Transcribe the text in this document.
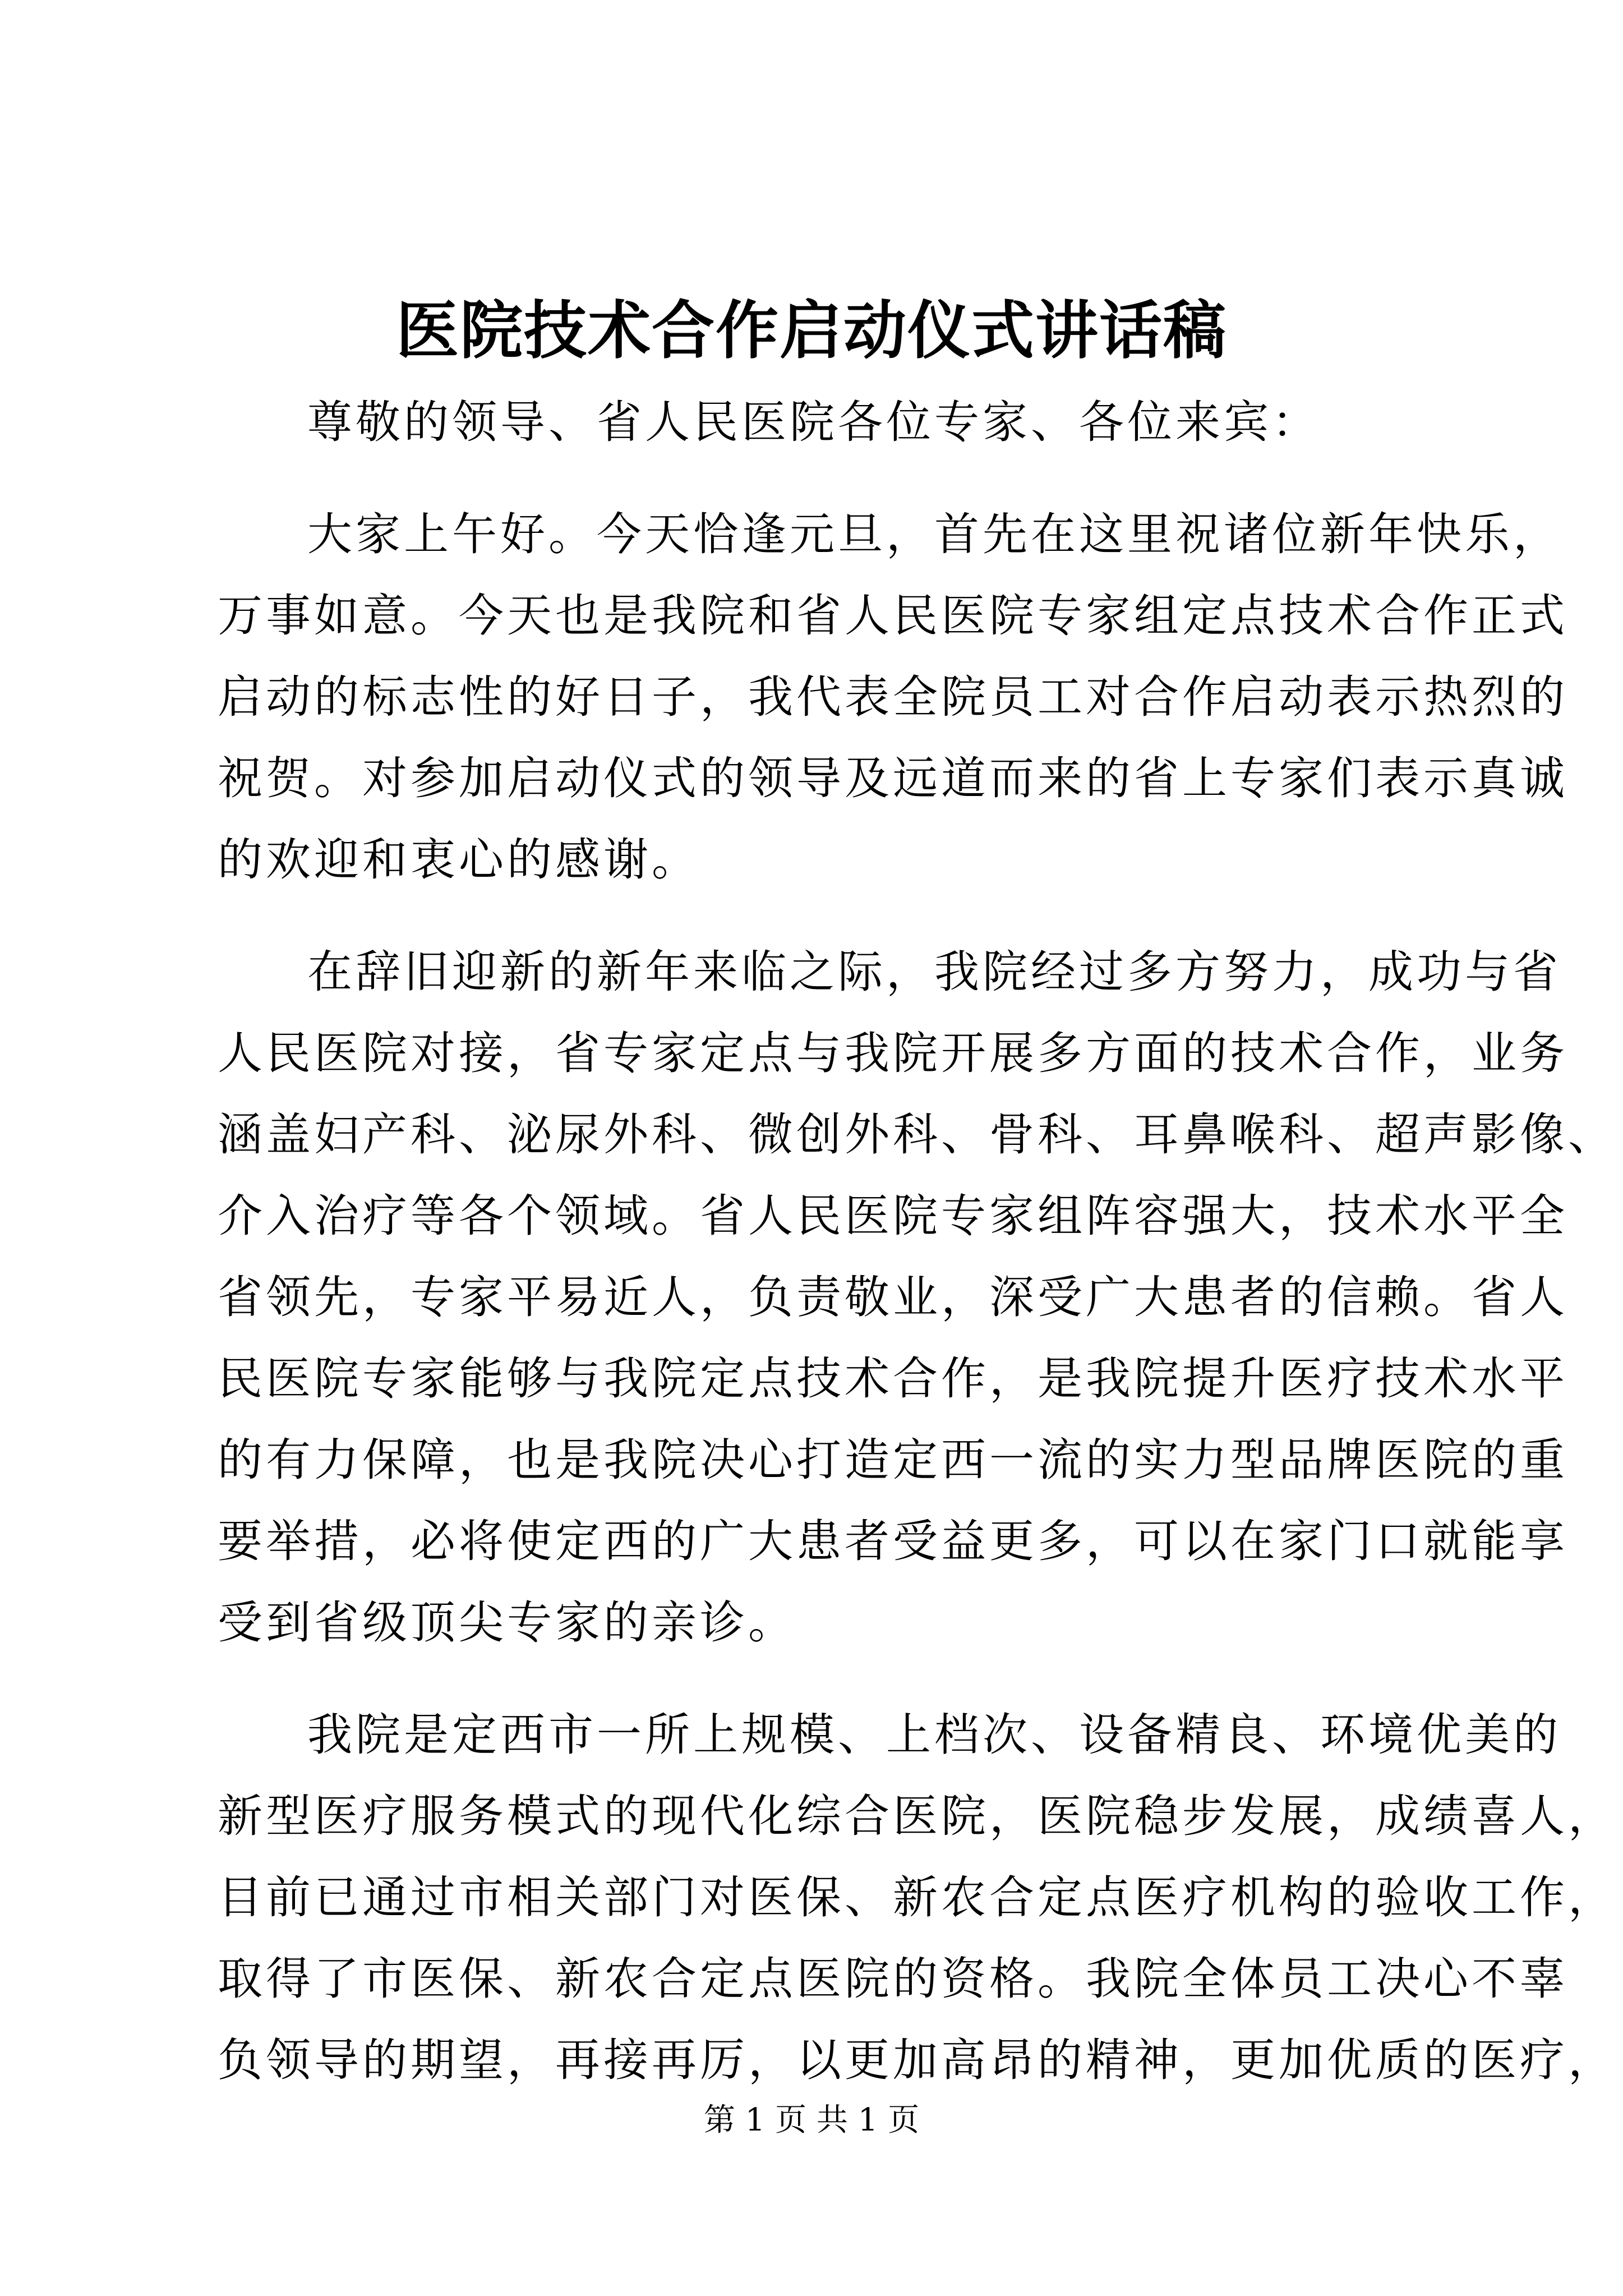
医院技术合作启动仪式讲话稿
尊敬的领导、省人民医院各位专家、各位来宾：
大家上午好。今天恰逢元旦，首先在这里祝诸位新年快乐，
万事如意。今天也是我院和省人民医院专家组定点技术合作正式
启动的标志性的好日子，我代表全院员工对合作启动表示热烈的
祝贺。对参加启动仪式的领导及远道而来的省上专家们表示真诚
的欢迎和衷心的感谢。
在辞旧迎新的新年来临之际，我院经过多方努力，成功与省
人民医院对接，省专家定点与我院开展多方面的技术合作，业务
涵盖妇产科、泌尿外科、微创外科、骨科、耳鼻喉科、超声影像、
介入治疗等各个领域。省人民医院专家组阵容强大，技术水平全
省领先，专家平易近人，负责敬业，深受广大患者的信赖。省人
民医院专家能够与我院定点技术合作，是我院提升医疗技术水平
的有力保障，也是我院决心打造定西一流的实力型品牌医院的重
要举措，必将使定西的广大患者受益更多，可以在家门口就能享
受到省级顶尖专家的亲诊。
我院是定西市一所上规模、上档次、设备精良、环境优美的
新型医疗服务模式的现代化综合医院，医院稳步发展，成绩喜人，
目前已通过市相关部门对医保、新农合定点医疗机构的验收工作，
取得了市医保、新农合定点医院的资格。我院全体员工决心不辜
负领导的期望，再接再厉，以更加高昂的精神，更加优质的医疗，
第 1 页 共 1 页
